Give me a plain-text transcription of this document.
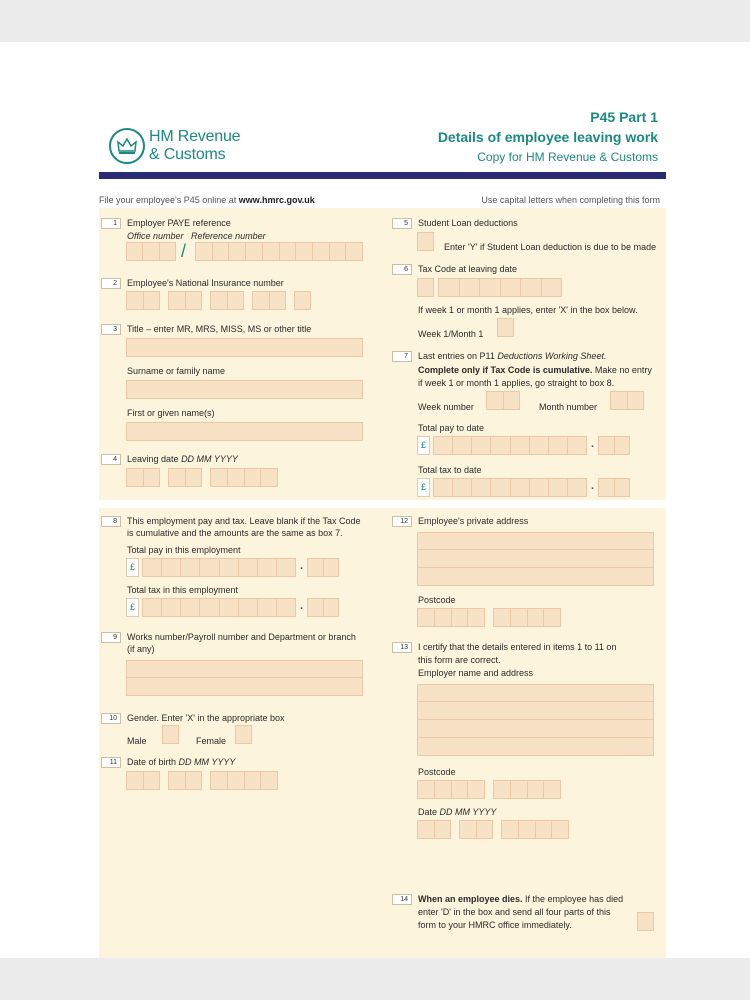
HM Revenue
& Customs
P45 Part 1
Details of employee leaving work
Copy for HM Revenue & Customs
File your employee's P45 online at www.hmrc.gov.uk	Use capital letters when completing this form
1	Employer PAYE reference
Office number Reference number
/
2	Employee's National Insurance number
3	Title – enter MR, MRS, MISS, MS or other title
Surname or family name
First or given name(s)
4	Leaving date DD MM YYYY
5	Student Loan deductions
Enter 'Y' if Student Loan deduction is due to be made
6	Tax Code at leaving date
If week 1 or month 1 applies, enter 'X' in the box below.
Week 1/Month 1
7	Last entries on P11 Deductions Working Sheet.
Complete only if Tax Code is cumulative. Make no entry
if week 1 or month 1 applies, go straight to box 8.
Week number	Month number
Total pay to date
£	.
Total tax to date
£	.
8	This employment pay and tax. Leave blank if the Tax Code
is cumulative and the amounts are the same as box 7.
Total pay in this employment
£	.
Total tax in this employment
£	.
9	Works number/Payroll number and Department or branch
(if any)
10	Gender. Enter 'X' in the appropriate box
Male	Female
11	Date of birth DD MM YYYY
12	Employee's private address
Postcode
13	I certify that the details entered in items 1 to 11 on
this form are correct.
Employer name and address
Postcode
Date DD MM YYYY
14	When an employee dies. If the employee has died
enter 'D' in the box and send all four parts of this
form to your HMRC office immediately.
